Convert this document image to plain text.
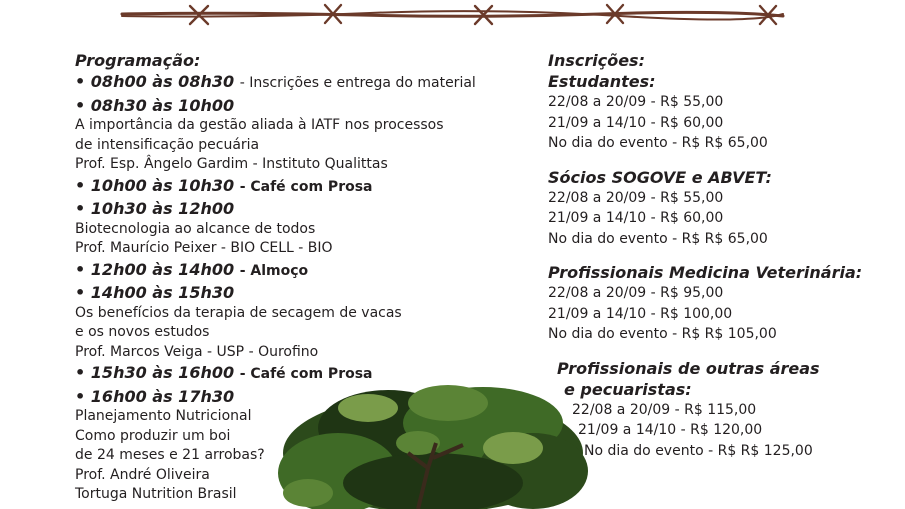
Programação:
• 08h00 às 08h30 - Inscrições e entrega do material
• 08h30 às 10h00
A importância da gestão aliada à IATF nos processos
de intensificação pecuária
Prof. Esp. Ângelo Gardim - Instituto Qualittas
• 10h00 às 10h30 - Café com Prosa
• 10h30 às 12h00
Biotecnologia ao alcance de todos
Prof. Maurício Peixer - BIO CELL - BIO
• 12h00 às 14h00 - Almoço
• 14h00 às 15h30
Os benefícios da terapia de secagem de vacas
e os novos estudos
Prof. Marcos Veiga - USP - Ourofino
• 15h30 às 16h00 - Café com Prosa
• 16h00 às 17h30
Planejamento Nutricional
Como produzir um boi
de 24 meses e 21 arrobas?
Prof. André Oliveira
Tortuga Nutrition Brasil
Inscrições:
Estudantes:
22/08 a 20/09 - R$ 55,00
21/09 a 14/10 - R$ 60,00
No dia do evento - R$ R$ 65,00
Sócios SOGOVE e ABVET:
22/08 a 20/09 - R$ 55,00
21/09 a 14/10 - R$ 60,00
No dia do evento - R$ R$ 65,00
Profissionais Medicina Veterinária:
22/08 a 20/09 - R$ 95,00
21/09 a 14/10 - R$ 100,00
No dia do evento - R$ R$ 105,00
Profissionais de outras áreas
e pecuaristas:
22/08 a 20/09 - R$ 115,00
21/09 a 14/10 - R$ 120,00
No dia do evento - R$ R$ 125,00
